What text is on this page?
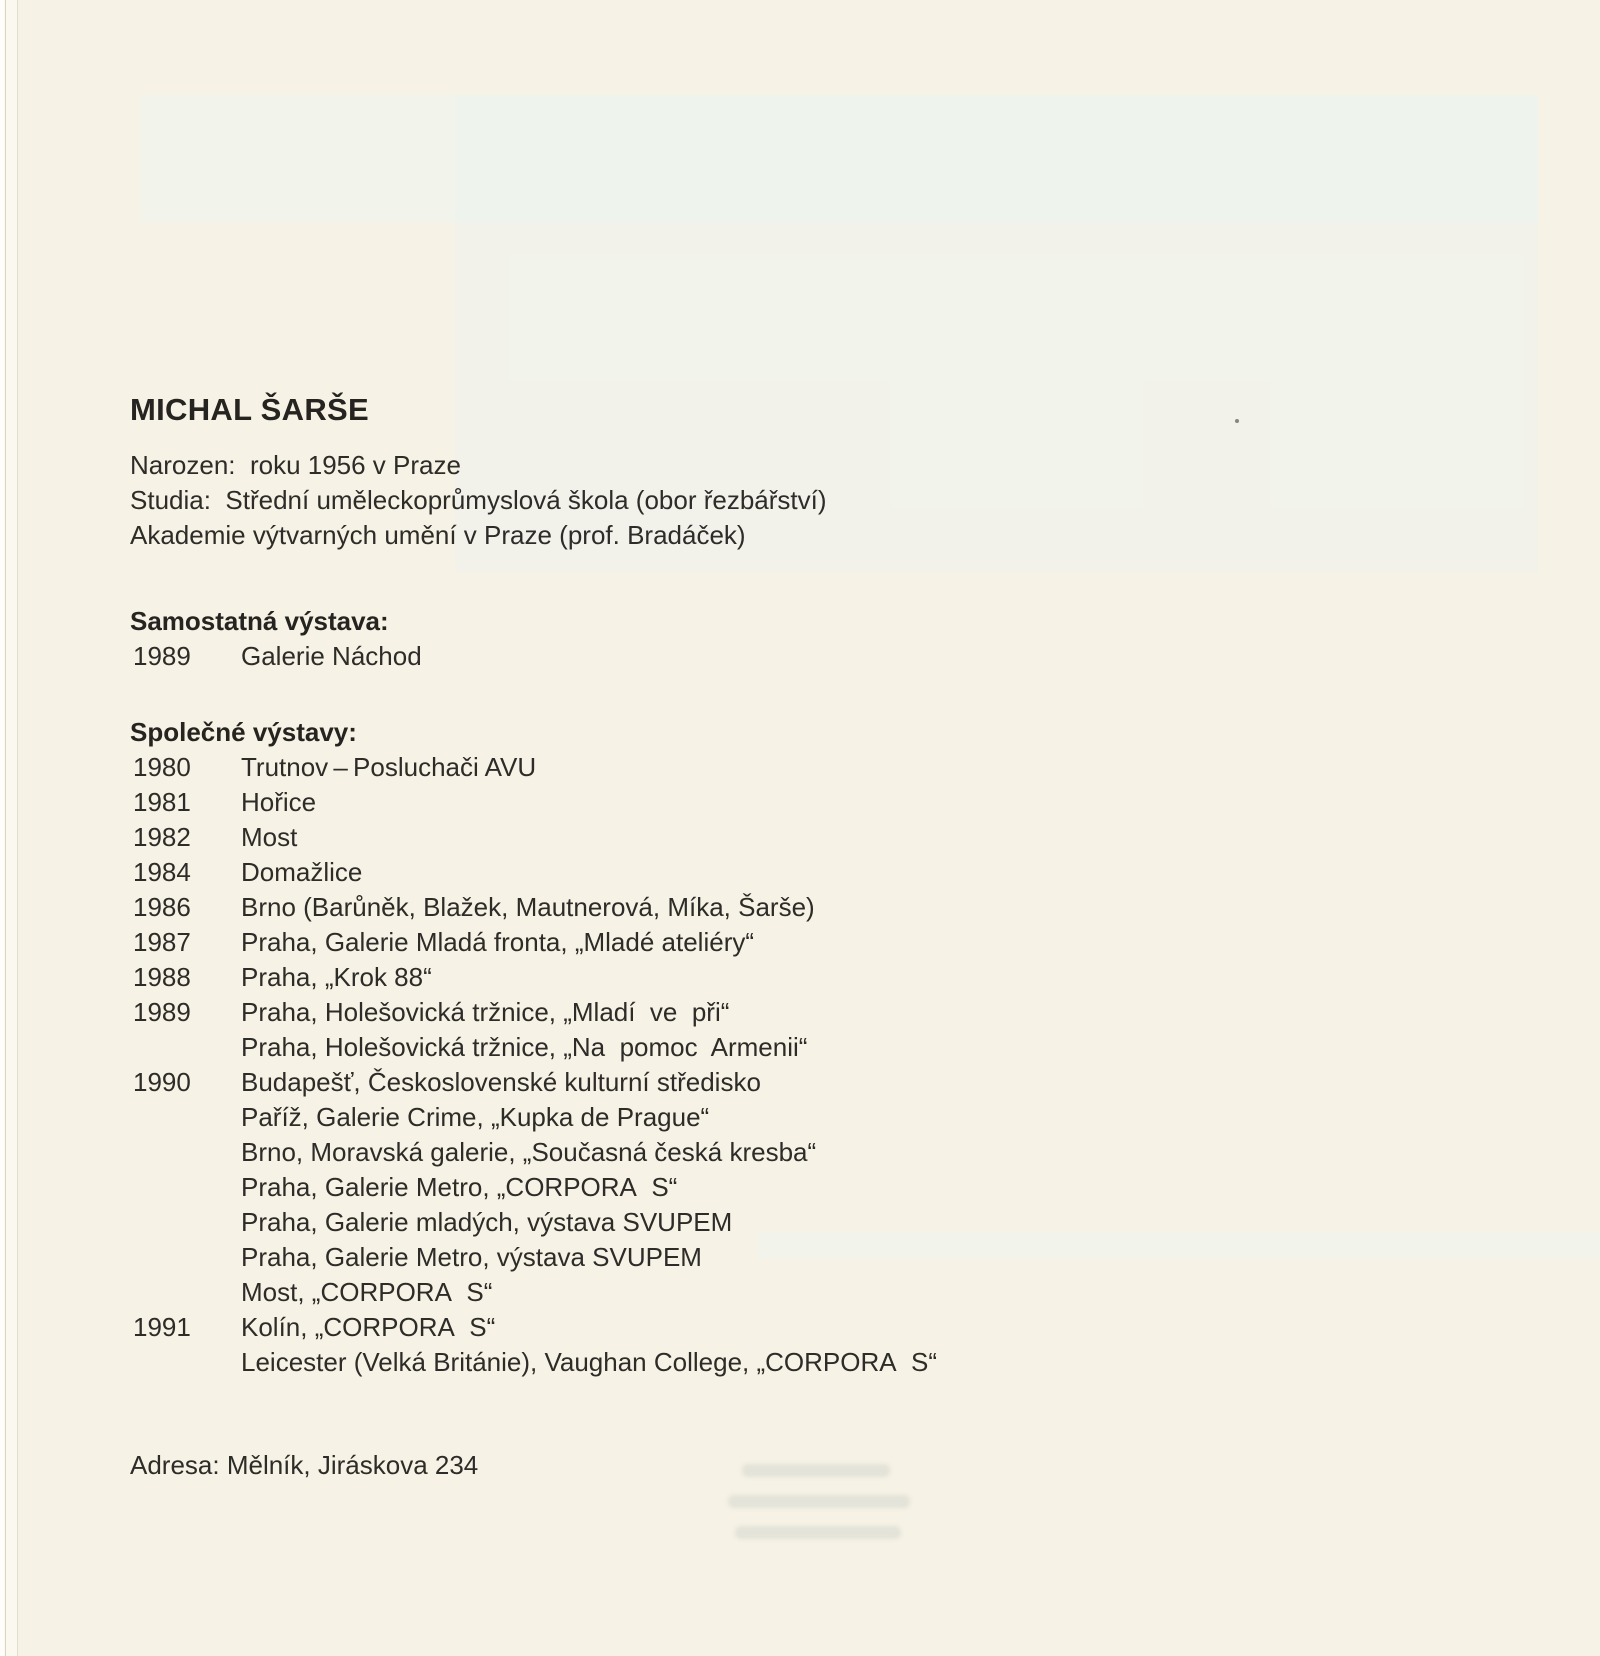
MICHAL ŠARŠE

Narozen:  roku 1956 v Praze

Studia:  Střední uměleckoprůmyslová škola (obor řezbářství)

Akademie výtvarných umění v Praze (prof. Bradáček)

Samostatná výstava:
1989	Galerie Náchod
Společné výstavy:
1980	Trutnov – Posluchači AVU
1981	Hořice
1982	Most
1984	Domažlice
1986	Brno (Barůněk, Blažek, Mautnerová, Míka, Šarše)
1987	Praha, Galerie Mladá fronta, „Mladé ateliéry“
1988	Praha, „Krok 88“
1989	Praha, Holešovická tržnice, „Mladí  ve  při“
Praha, Holešovická tržnice, „Na  pomoc  Armenii“
1990	Budapešť, Československé kulturní středisko
Paříž, Galerie Crime, „Kupka de Prague“
Brno, Moravská galerie, „Současná česká kresba“
Praha, Galerie Metro, „CORPORA  S“
Praha, Galerie mladých, výstava SVUPEM
Praha, Galerie Metro, výstava SVUPEM
Most, „CORPORA  S“
1991	Kolín, „CORPORA  S“
Leicester (Velká Británie), Vaughan College, „CORPORA  S“

Adresa: Mělník, Jiráskova 234
